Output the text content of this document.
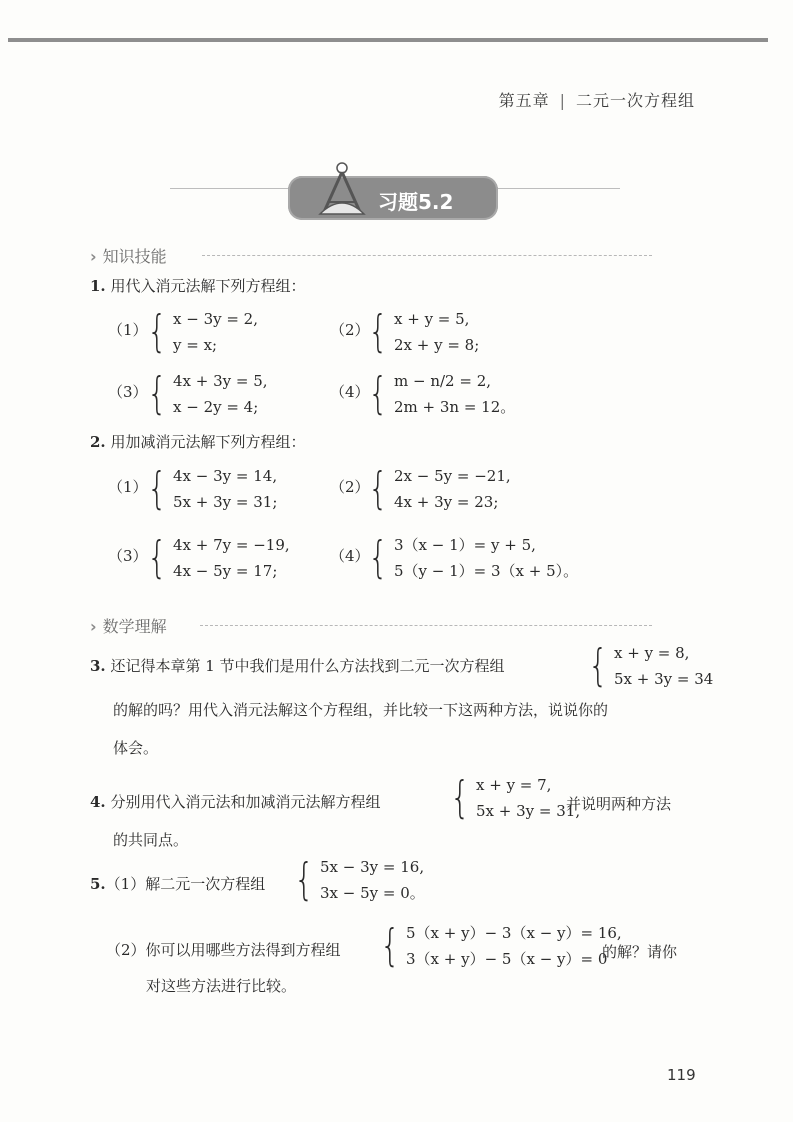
第五章 | 二元一次方程组
习题5.2
› 知识技能
1. 用代入消元法解下列方程组：
（1） { x − 3y = 2,
y = x;
（2）
{ x + y = 5,
2x + y = 8;
（3） { 4x + 3y = 5,
x − 2y = 4;
（4）
{ m − n/2 = 2,
2m + 3n = 12。
2. 用加减消元法解下列方程组：
（1） { 4x − 3y = 14,
5x + 3y = 31;
（2）
{ 2x − 5y = −21,
4x + 3y = 23;
（3） { 4x + 7y = −19,
4x − 5y = 17;
（4）
{ 3（x − 1）= y + 5,
5（y − 1）= 3（x + 5）。
› 数学理解
3. 还记得本章第 1 节中我们是用什么方法找到二元一次方程组 { x + y = 8,
5x + 3y = 34
的解的吗？用代入消元法解这个方程组，并比较一下这两种方法，说说你的
体会。
4. 分别用代入消元法和加减消元法解方程组 { x + y = 7,
5x + 3y = 31,
并说明两种方法
的共同点。
5.（1）解二元一次方程组 { 5x − 3y = 16,
3x − 5y = 0。
（2）你可以用哪些方法得到方程组 { 5（x + y）− 3（x − y）= 16,
3（x + y）− 5（x − y）= 0
的解？请你
对这些方法进行比较。
119
